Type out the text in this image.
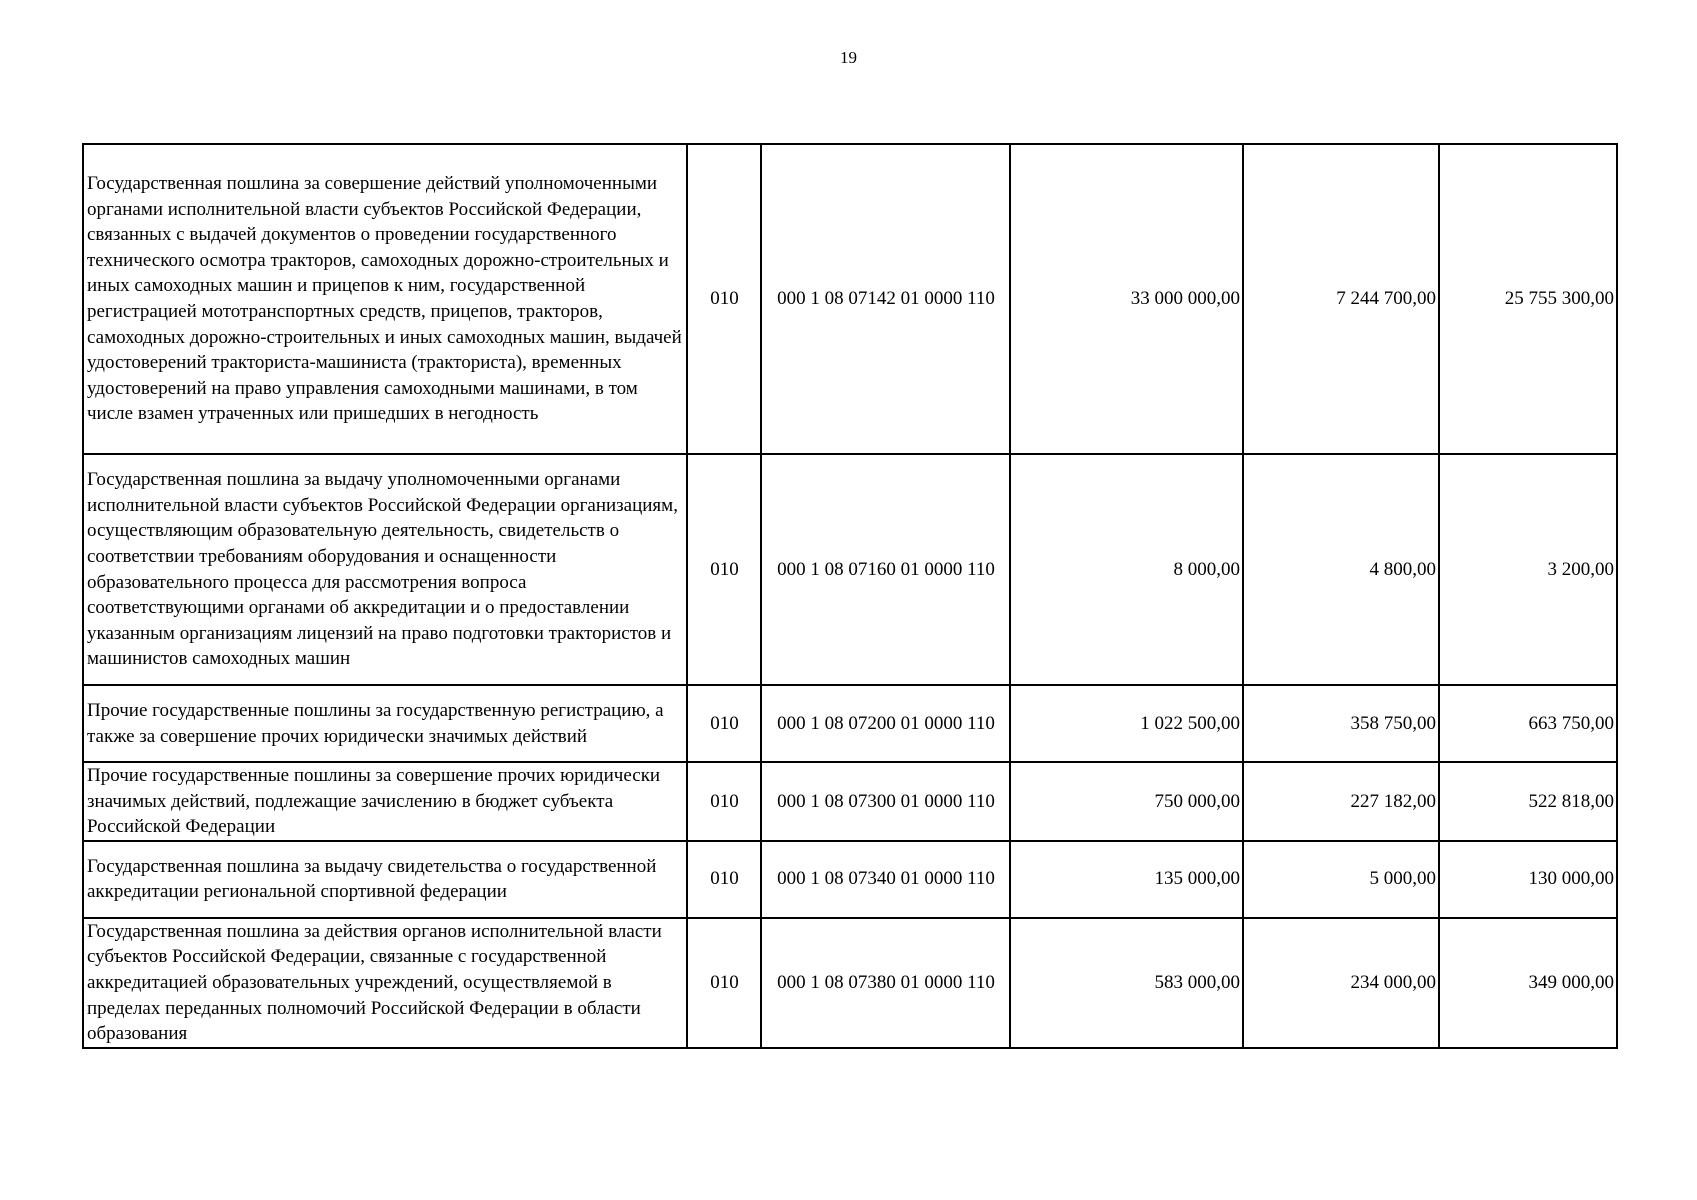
19
Государственная пошлина за совершение действий уполномоченными органами исполнительной власти субъектов Российской Федерации, связанных с выдачей документов о проведении государственного технического осмотра тракторов, самоходных дорожно-строительных и иных самоходных машин и прицепов к ним, государственной регистрацией мототранспортных средств, прицепов, тракторов, самоходных дорожно-строительных и иных самоходных машин, выдачей удостоверений тракториста-машиниста (тракториста), временных удостоверений на право управления самоходными машинами, в том числе взамен утраченных или пришедших в негодность	010	000 1 08 07142 01 0000 110	33 000 000,00	7 244 700,00	25 755 300,00
Государственная пошлина за выдачу уполномоченными органами исполнительной власти субъектов Российской Федерации организациям, осуществляющим образовательную деятельность, свидетельств о соответствии требованиям оборудования и оснащенности образовательного процесса для рассмотрения вопроса соответствующими органами об аккредитации и о предоставлении указанным организациям лицензий на право подготовки трактористов и машинистов самоходных машин	010	000 1 08 07160 01 0000 110	8 000,00	4 800,00	3 200,00
Прочие государственные пошлины за государственную регистрацию, а также за совершение прочих юридически значимых действий	010	000 1 08 07200 01 0000 110	1 022 500,00	358 750,00	663 750,00
Прочие государственные пошлины за совершение прочих юридически значимых действий, подлежащие зачислению в бюджет субъекта Российской Федерации	010	000 1 08 07300 01 0000 110	750 000,00	227 182,00	522 818,00
Государственная пошлина за выдачу свидетельства о государственной аккредитации региональной спортивной федерации	010	000 1 08 07340 01 0000 110	135 000,00	5 000,00	130 000,00
Государственная пошлина за действия органов исполнительной власти субъектов Российской Федерации, связанные с государственной аккредитацией образовательных учреждений, осуществляемой в пределах переданных полномочий Российской Федерации в области образования	010	000 1 08 07380 01 0000 110	583 000,00	234 000,00	349 000,00
